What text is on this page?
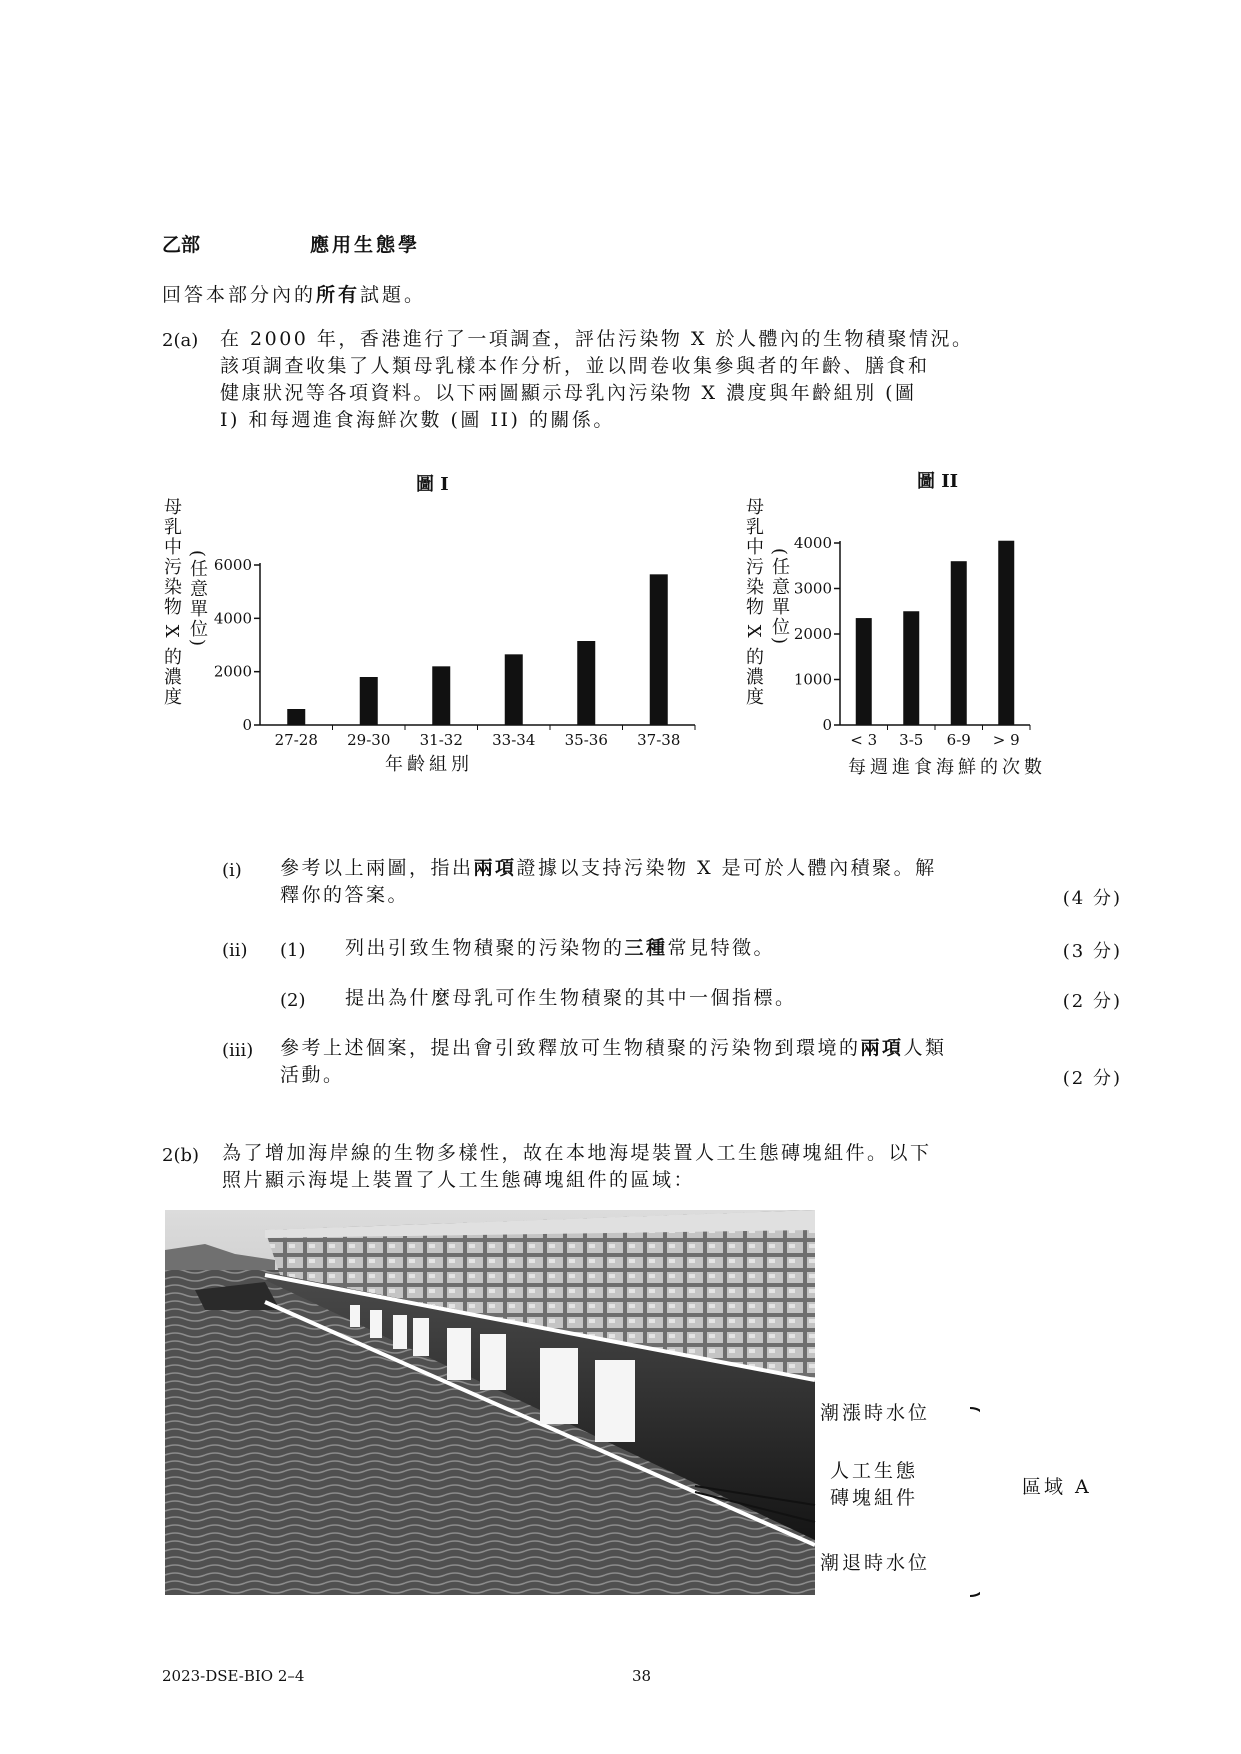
乙部	應用生態學
回答本部分內的所有試題。
2(a) 在 2000 年，香港進行了一項調查，評估污染物 X 於人體內的生物積聚情況。
該項調查收集了人類母乳樣本作分析，並以問卷收集參與者的年齡、膳食和
健康狀況等各項資料。以下兩圖顯示母乳內污染物 X 濃度與年齡組別 (圖
I) 和每週進食海鮮次數 (圖 II) 的關係。
圖 I
母乳中污染物 X 的濃度 (任意單位)
0
2000
4000
6000
27-28 29-30 31-32 33-34 35-36 37-38
年齡組別
圖 II
母乳中污染物 X 的濃度 (任意單位)
0
1000
2000
3000
4000
< 3 3-5 6-9 > 9
每週進食海鮮的次數
(i) 參考以上兩圖，指出兩項證據以支持污染物 X 是可於人體內積聚。解
釋你的答案。	(4 分)
(ii) (1) 列出引致生物積聚的污染物的三種常見特徵。	(3 分)
(2) 提出為什麼母乳可作生物積聚的其中一個指標。	(2 分)
(iii) 參考上述個案，提出會引致釋放可生物積聚的污染物到環境的兩項人類
活動。	(2 分)
2(b) 為了增加海岸線的生物多樣性，故在本地海堤裝置人工生態磚塊組件。以下
照片顯示海堤上裝置了人工生態磚塊組件的區域：
潮漲時水位
人工生態
磚塊組件
潮退時水位
區域 A
2023-DSE-BIO 2–4	38
